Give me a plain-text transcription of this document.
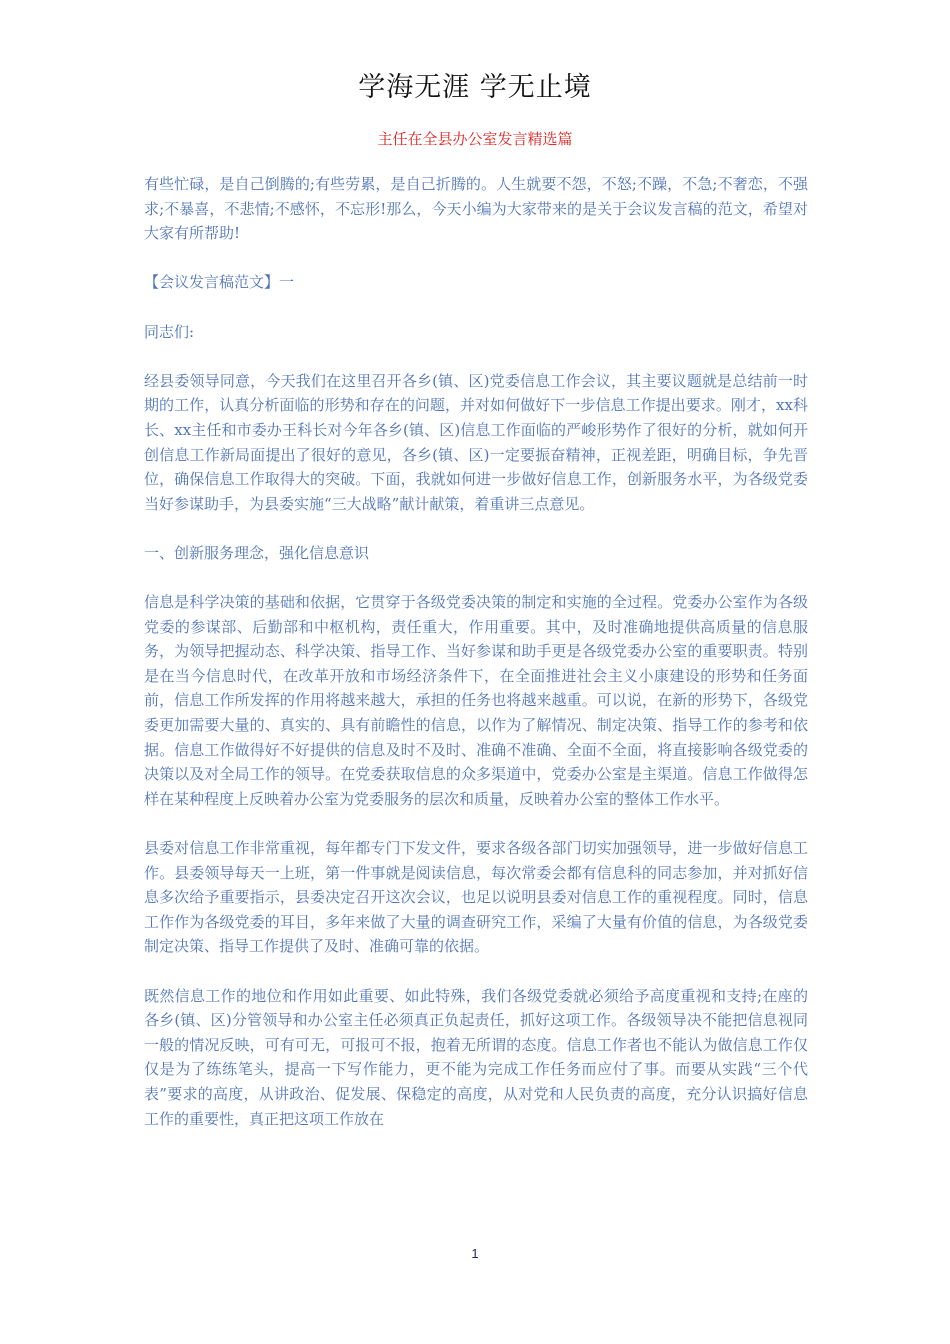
学海无涯 学无止境
主任在全县办公室发言精选篇

有些忙碌，是自己倒腾的;有些劳累，是自己折腾的。人生就要不怨，不怒;不躁，不急;不奢恋，不强求;不暴喜，不悲情;不感怀，不忘形!那么，今天小编为大家带来的是关于会议发言稿的范文，希望对大家有所帮助!

【会议发言稿范文】一

同志们:

经县委领导同意，今天我们在这里召开各乡(镇、区)党委信息工作会议，其主要议题就是总结前一时期的工作，认真分析面临的形势和存在的问题，并对如何做好下一步信息工作提出要求。刚才，xx科长、xx主任和市委办王科长对今年各乡(镇、区)信息工作面临的严峻形势作了很好的分析，就如何开创信息工作新局面提出了很好的意见，各乡(镇、区)一定要振奋精神，正视差距，明确目标，争先晋位，确保信息工作取得大的突破。下面，我就如何进一步做好信息工作，创新服务水平，为各级党委当好参谋助手，为县委实施“三大战略”献计献策，着重讲三点意见。

一、创新服务理念，强化信息意识

信息是科学决策的基础和依据，它贯穿于各级党委决策的制定和实施的全过程。党委办公室作为各级党委的参谋部、后勤部和中枢机构，责任重大，作用重要。其中，及时准确地提供高质量的信息服务，为领导把握动态、科学决策、指导工作、当好参谋和助手更是各级党委办公室的重要职责。特别是在当今信息时代，在改革开放和市场经济条件下，在全面推进社会主义小康建设的形势和任务面前，信息工作所发挥的作用将越来越大，承担的任务也将越来越重。可以说，在新的形势下，各级党委更加需要大量的、真实的、具有前瞻性的信息，以作为了解情况、制定决策、指导工作的参考和依据。信息工作做得好不好提供的信息及时不及时、准确不准确、全面不全面，将直接影响各级党委的决策以及对全局工作的领导。在党委获取信息的众多渠道中，党委办公室是主渠道。信息工作做得怎样在某种程度上反映着办公室为党委服务的层次和质量，反映着办公室的整体工作水平。

县委对信息工作非常重视，每年都专门下发文件，要求各级各部门切实加强领导，进一步做好信息工作。县委领导每天一上班，第一件事就是阅读信息，每次常委会都有信息科的同志参加，并对抓好信息多次给予重要指示，县委决定召开这次会议，也足以说明县委对信息工作的重视程度。同时，信息工作作为各级党委的耳目，多年来做了大量的调查研究工作，采编了大量有价值的信息，为各级党委制定决策、指导工作提供了及时、准确可靠的依据。

既然信息工作的地位和作用如此重要、如此特殊，我们各级党委就必须给予高度重视和支持;在座的各乡(镇、区)分管领导和办公室主任必须真正负起责任，抓好这项工作。各级领导决不能把信息视同一般的情况反映，可有可无，可报可不报，抱着无所谓的态度。信息工作者也不能认为做信息工作仅仅是为了练练笔头，提高一下写作能力，更不能为完成工作任务而应付了事。而要从实践“三个代表”要求的高度，从讲政治、促发展、保稳定的高度，从对党和人民负责的高度，充分认识搞好信息工作的重要性，真正把这项工作放在

1
